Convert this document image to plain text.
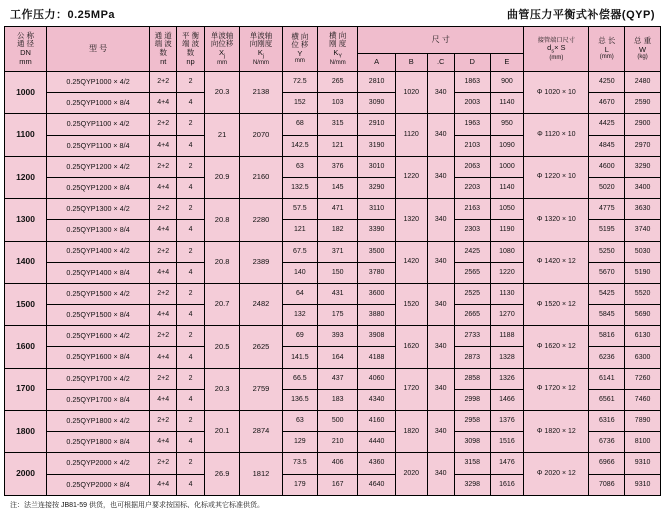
工作压力：0.25MPa	曲管压力平衡式补偿器(QYP)
公 称
通 径
DN
mm
	型 号	
通 道
端 波
数
nt

平 衡
端 波
数
np

单波轴
向位移
$X_j$
mm

单波轴
向刚度
$K_j$
N/mm

横 向
位 移
Y
mm

横 向
刚 度
$K_Y$
N/mm
	尺 寸	接管端口尺寸
$d_s\times S$
(mm)

总 长
L
(mm)

总 重
W
(kg)

								A	B	.C	D	E			
1000	0.25QYP1000 × 4/2	2+2	2	20.3	2138	72.5	265	2810	1020	340	1863	900	Φ 1020 × 10	4250	2480
	0.25QYP1000 × 8/4	4+4	4			152	103	3090			2003	1140		4670	2590
1100	0.25QYP1100 × 4/2	2+2	2	21	2070	68	315	2910	1120	340	1963	950	Φ 1120 × 10	4425	2900
	0.25QYP1100 × 8/4	4+4	4			142.5	121	3190			2103	1090		4845	2970
1200	0.25QYP1200 × 4/2	2+2	2	20.9	2160	63	376	3010	1220	340	2063	1000	Φ 1220 × 10	4600	3290
	0.25QYP1200 × 8/4	4+4	4			132.5	145	3290			2203	1140		5020	3400
1300	0.25QYP1300 × 4/2	2+2	2	20.8	2280	57.5	471	3110	1320	340	2163	1050	Φ 1320 × 10	4775	3630
	0.25QYP1300 × 8/4	4+4	4			121	182	3390			2303	1190		5195	3740
1400	0.25QYP1400 × 4/2	2+2	2	20.8	2389	67.5	371	3500	1420	340	2425	1080	Φ 1420 × 12	5250	5030
	0.25QYP1400 × 8/4	4+4	4			140	150	3780			2565	1220		5670	5190
1500	0.25QYP1500 × 4/2	2+2	2	20.7	2482	64	431	3600	1520	340	2525	1130	Φ 1520 × 12	5425	5520
	0.25QYP1500 × 8/4	4+4	4			132	175	3880			2665	1270		5845	5690
1600	0.25QYP1600 × 4/2	2+2	2	20.5	2625	69	393	3908	1620	340	2733	1188	Φ 1620 × 12	5816	6130
	0.25QYP1600 × 8/4	4+4	4			141.5	164	4188			2873	1328		6236	6300
1700	0.25QYP1700 × 4/2	2+2	2	20.3	2759	66.5	437	4060	1720	340	2858	1326	Φ 1720 × 12	6141	7260
	0.25QYP1700 × 8/4	4+4	4			136.5	183	4340			2998	1466		6561	7460
1800	0.25QYP1800 × 4/2	2+2	2	20.1	2874	63	500	4160	1820	340	2958	1376	Φ 1820 × 12	6316	7890
	0.25QYP1800 × 8/4	4+4	4			129	210	4440			3098	1516		6736	8100
2000	0.25QYP2000 × 4/2	2+2	2	26.9	1812	73.5	406	4360	2020	340	3158	1476	Φ 2020 × 12	6966	9310
	0.25QYP2000 × 8/4	4+4	4			179	167	4640			3298	1616		7086	9310
注：法兰连接按 JB81-59 供货，也可根据用户要求按国标、化标或其它标准供货。
